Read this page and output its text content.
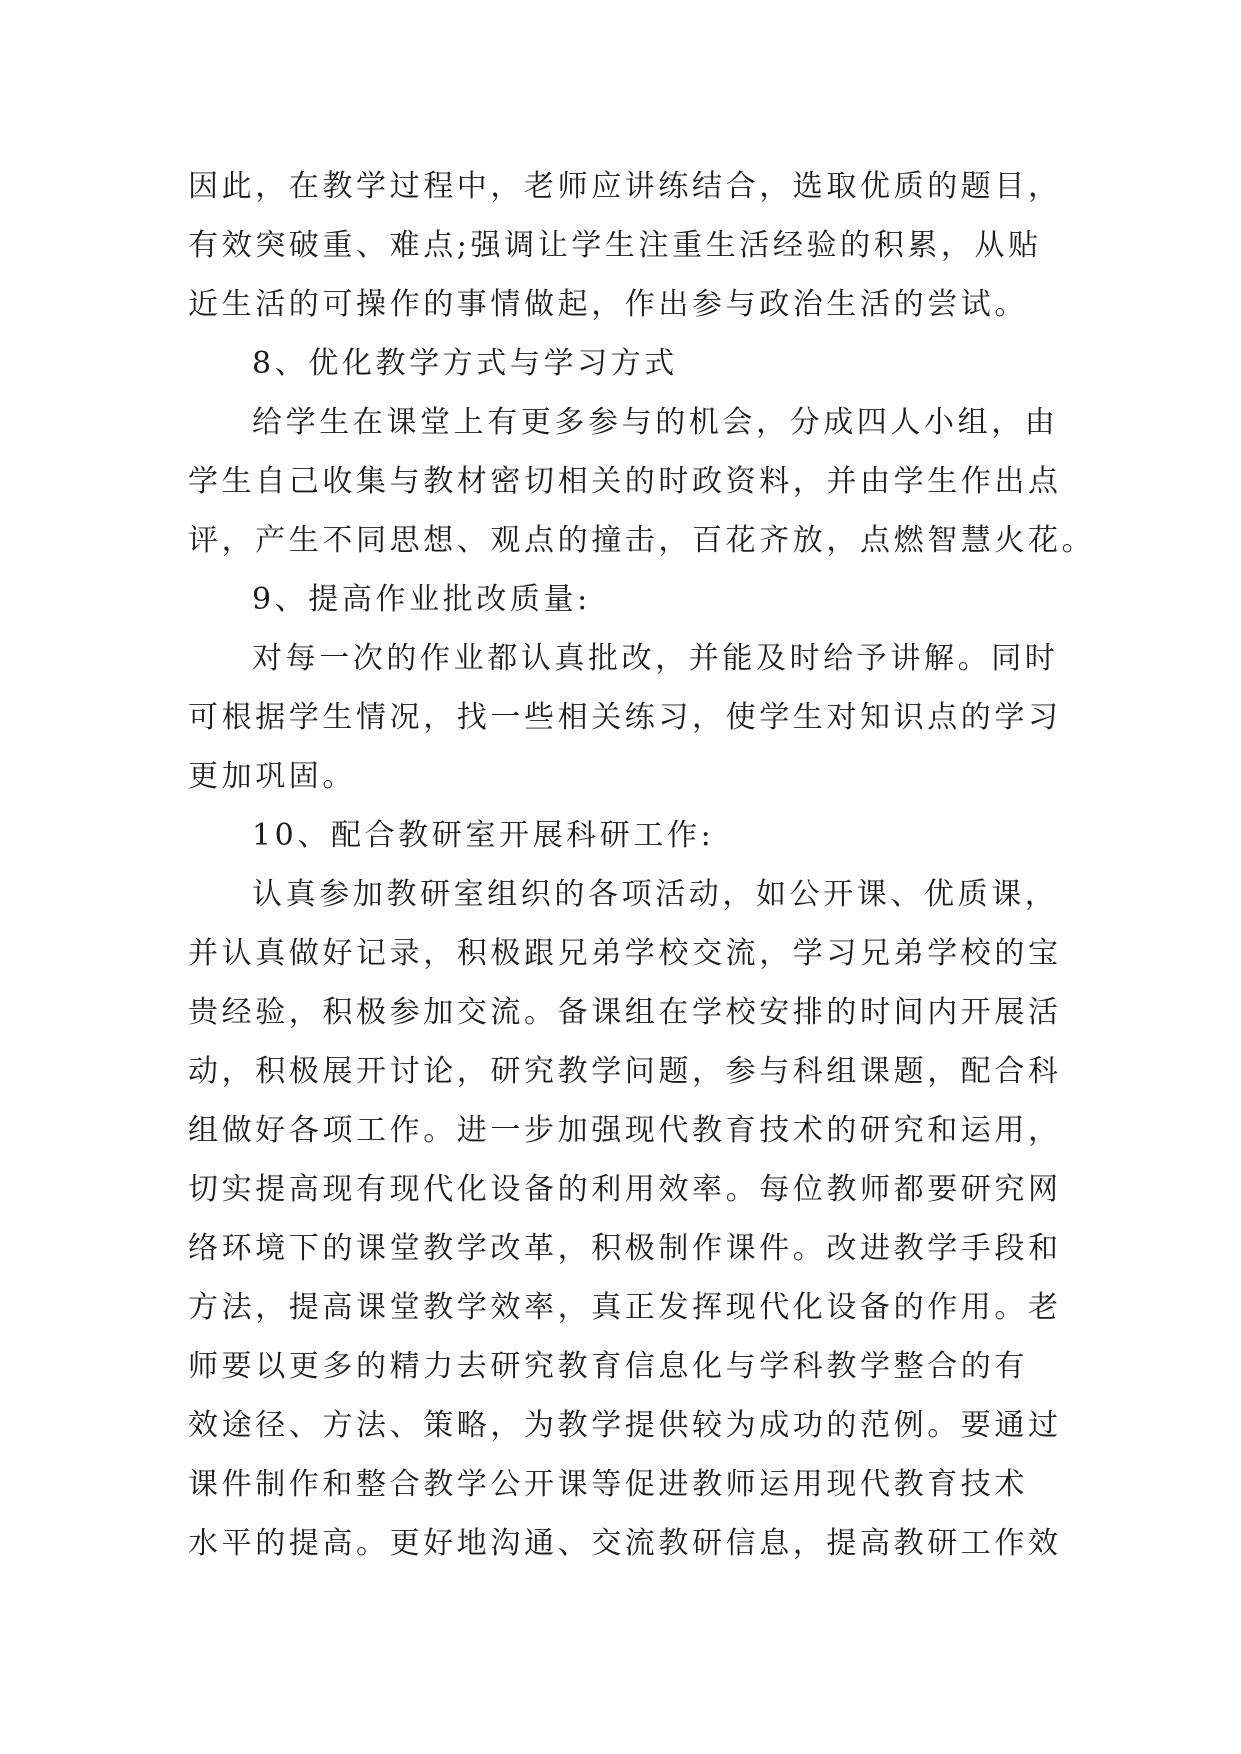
因此，在教学过程中，老师应讲练结合，选取优质的题目，

有效突破重、难点;强调让学生注重生活经验的积累，从贴

近生活的可操作的事情做起，作出参与政治生活的尝试。

8、优化教学方式与学习方式

给学生在课堂上有更多参与的机会，分成四人小组，由

学生自己收集与教材密切相关的时政资料，并由学生作出点

评，产生不同思想、观点的撞击，百花齐放，点燃智慧火花。

9、提高作业批改质量:

对每一次的作业都认真批改，并能及时给予讲解。同时

可根据学生情况，找一些相关练习，使学生对知识点的学习

更加巩固。

10、配合教研室开展科研工作:

认真参加教研室组织的各项活动，如公开课、优质课，

并认真做好记录，积极跟兄弟学校交流，学习兄弟学校的宝

贵经验，积极参加交流。备课组在学校安排的时间内开展活

动，积极展开讨论，研究教学问题，参与科组课题，配合科

组做好各项工作。进一步加强现代教育技术的研究和运用，

切实提高现有现代化设备的利用效率。每位教师都要研究网

络环境下的课堂教学改革，积极制作课件。改进教学手段和

方法，提高课堂教学效率，真正发挥现代化设备的作用。老

师要以更多的精力去研究教育信息化与学科教学整合的有

效途径、方法、策略，为教学提供较为成功的范例。要通过

课件制作和整合教学公开课等促进教师运用现代教育技术

水平的提高。更好地沟通、交流教研信息，提高教研工作效
